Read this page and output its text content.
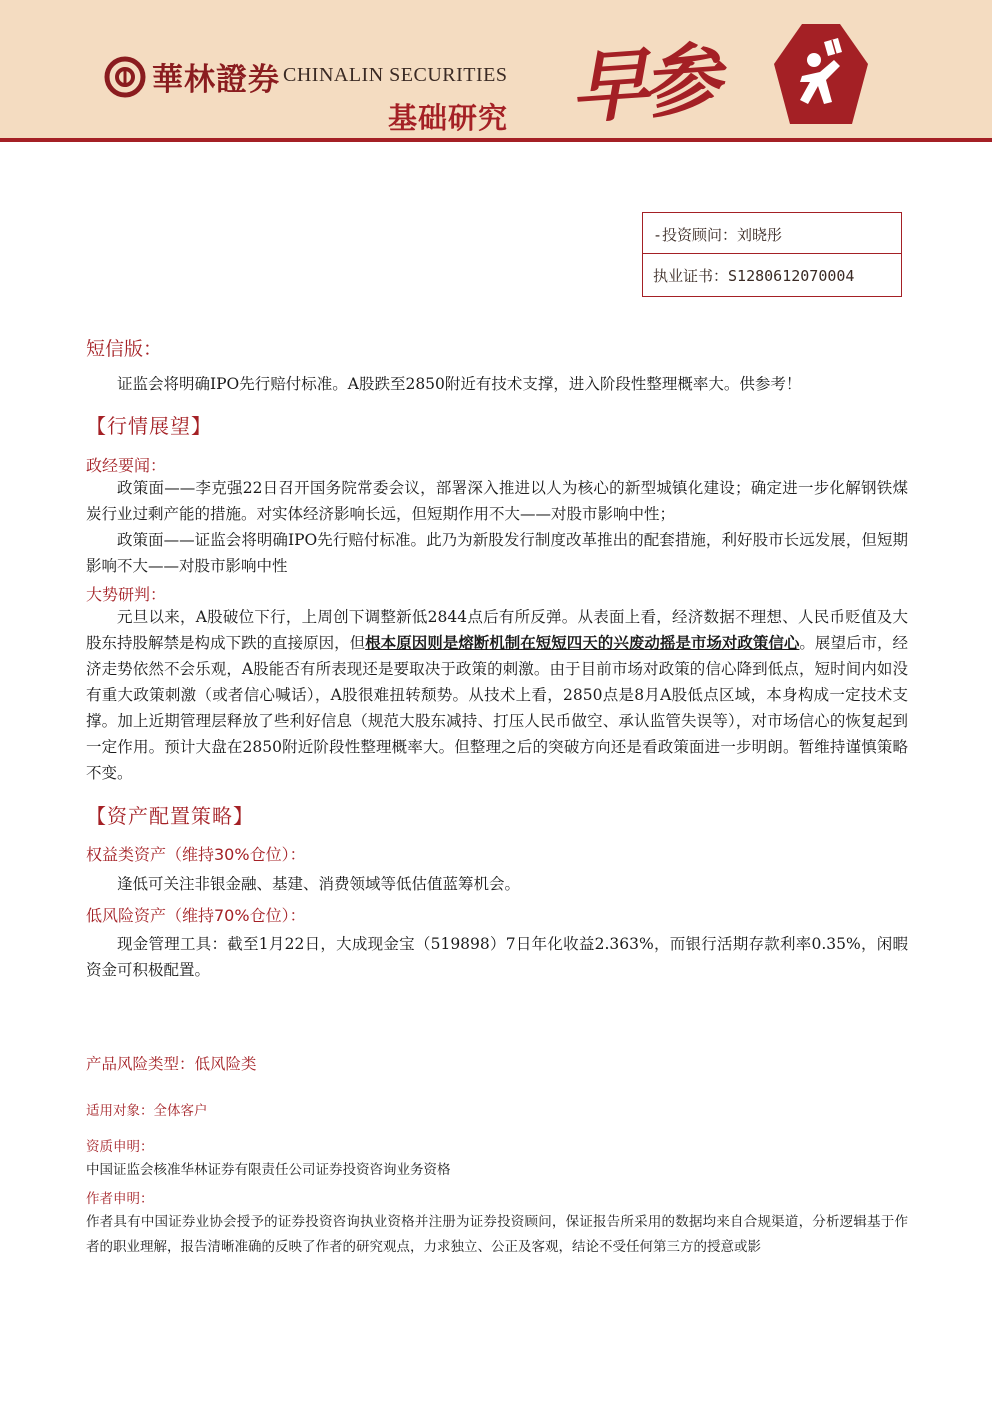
華林證券 CHINALIN SECURITIES
基础研究 早参
-投资顾问：刘晓彤
执业证书：S1280612070004
短信版：
证监会将明确IPO先行赔付标准。A股跌至2850附近有技术支撑，进入阶段性整理概率大。供参考！
【行情展望】
政经要闻：
政策面——李克强22日召开国务院常委会议，部署深入推进以人为核心的新型城镇化建设；确定进一步化解钢铁煤炭行业过剩产能的措施。对实体经济影响长远，但短期作用不大——对股市影响中性；
政策面——证监会将明确IPO先行赔付标准。此乃为新股发行制度改革推出的配套措施，利好股市长远发展，但短期影响不大——对股市影响中性
大势研判：
元旦以来，A股破位下行，上周创下调整新低2844点后有所反弹。从表面上看，经济数据不理想、人民币贬值及大股东持股解禁是构成下跌的直接原因，但根本原因则是熔断机制在短短四天的兴废动摇是市场对政策信心。展望后市，经济走势依然不会乐观，A股能否有所表现还是要取决于政策的刺激。由于目前市场对政策的信心降到低点，短时间内如没有重大政策刺激（或者信心喊话），A股很难扭转颓势。从技术上看，2850点是8月A股低点区域，本身构成一定技术支撑。加上近期管理层释放了些利好信息（规范大股东减持、打压人民币做空、承认监管失误等），对市场信心的恢复起到一定作用。预计大盘在2850附近阶段性整理概率大。但整理之后的突破方向还是看政策面进一步明朗。暂维持谨慎策略不变。
【资产配置策略】
权益类资产（维持30%仓位）：
逢低可关注非银金融、基建、消费领域等低估值蓝筹机会。
低风险资产（维持70%仓位）：
现金管理工具：截至1月22日，大成现金宝（519898）7日年化收益2.363%，而银行活期存款利率0.35%，闲暇资金可积极配置。
产品风险类型：低风险类
适用对象：全体客户
资质申明：
中国证监会核准华林证券有限责任公司证券投资咨询业务资格
作者申明：
作者具有中国证券业协会授予的证券投资咨询执业资格并注册为证券投资顾问，保证报告所采用的数据均来自合规渠道，分析逻辑基于作者的职业理解，报告清晰准确的反映了作者的研究观点，力求独立、公正及客观，结论不受任何第三方的授意或影
